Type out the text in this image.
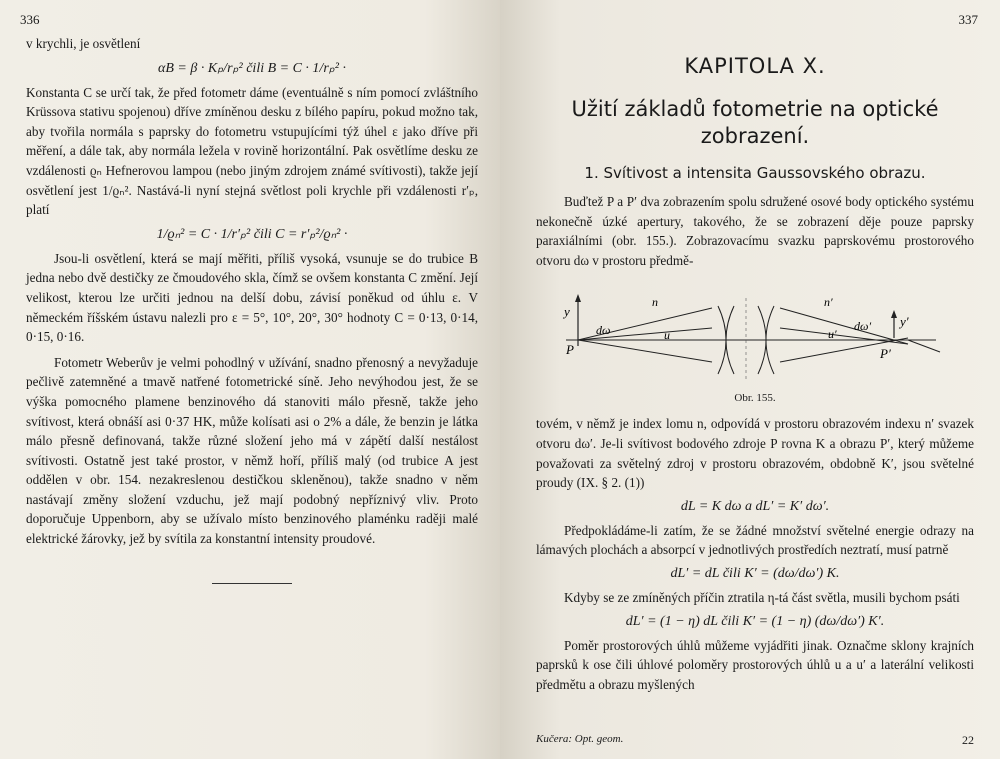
336

v krychli, je osvětlení

αB = β · Kₚ/rₚ² čili B = C · 1/rₚ² ·

Konstanta C se určí tak, že před fotometr dáme (eventuálně s ním pomocí zvláštního Krüssova stativu spojenou) dříve zmíněnou desku z bílého papíru, pokud možno tak, aby tvořila normála s paprsky do fotometru vstupujícími týž úhel ε jako dříve při měření, a dále tak, aby normála ležela v rovině horizontální. Pak osvětlíme desku ze vzdálenosti ϱₙ Hefnerovou lampou (nebo jiným zdrojem známé svítivosti), takže její osvětlení jest 1/ϱₙ². Nastává-li nyní stejná světlost poli krychle při vzdálenosti r′ₚ, platí

1/ϱₙ² = C · 1/r′ₚ² čili C = r′ₚ²/ϱₙ² ·

Jsou-li osvětlení, která se mají měřiti, příliš vysoká, vsunuje se do trubice B jedna nebo dvě destičky ze čmoudového skla, čímž se ovšem konstanta C změní. Její velikost, kterou lze určiti jednou na delší dobu, závisí poněkud od úhlu ε. V německém říšském ústavu nalezli pro ε = 5°, 10°, 20°, 30° hodnoty C = 0·13, 0·14, 0·15, 0·16.

Fotometr Weberův je velmi pohodlný v užívání, snadno přenosný a nevyžaduje pečlivě zatemněné a tmavě natřené fotometrické síně. Jeho nevýhodou jest, že se výška pomocného plamene benzinového dá stanoviti málo přesně, takže jeho svítivost, která obnáší asi 0·37 HK, může kolísati asi o 2% a dále, že benzin je látka málo přesně definovaná, takže různé složení jeho má v zápětí další nestálost svítivosti. Ostatně jest také prostor, v němž hoří, příliš malý (od trubice A jest oddělen v obr. 154. nezakreslenou destičkou skleněnou), takže snadno v něm nastávají změny složení vzduchu, jež mají podobný nepříznivý vliv. Proto doporučuje Uppenborn, aby se užívalo místo benzinového plaménku raději malé elektrické žárovky, jež by svítila za konstantní intensity proudové.

337
KAPITOLA X.
Užití základů fotometrie na optické zobrazení.
1. Svítivost a intensita Gaussovského obrazu.

Buďtež P a P′ dva zobrazením spolu sdružené osové body optického systému nekonečně úzké apertury, takového, že se zobrazení děje pouze paprsky paraxiálními (obr. 155.). Zobrazovacímu svazku paprskovému prostorového otvoru dω v prostoru předmě-

y
dω
n
u
P
n′
u′
dω′ y′
P′
Obr. 155.

tovém, v němž je index lomu n, odpovídá v prostoru obrazovém indexu n′ svazek otvoru dω′. Je-li svítivost bodového zdroje P rovna K a obrazu P′, který můžeme považovati za světelný zdroj v prostoru obrazovém, obdobně K′, jsou světelné proudy (IX. § 2. (1))

dL = K dω a dL′ = K′ dω′.

Předpokládáme-li zatím, že se žádné množství světelné energie odrazy na lámavých plochách a absorpcí v jednotlivých prostředích neztratí, musí patrně

dL′ = dL čili K′ = (dω/dω′) K.

Kdyby se ze zmíněných příčin ztratila η-tá část světla, musili bychom psáti

dL′ = (1 − η) dL čili K′ = (1 − η) (dω/dω′) K′.

Poměr prostorových úhlů můžeme vyjádřiti jinak. Označme sklony krajních paprsků k ose čili úhlové poloměry prostorových úhlů u a u′ a laterální velikosti předmětu a obrazu myšlených

Kučera: Opt. geom.	22
